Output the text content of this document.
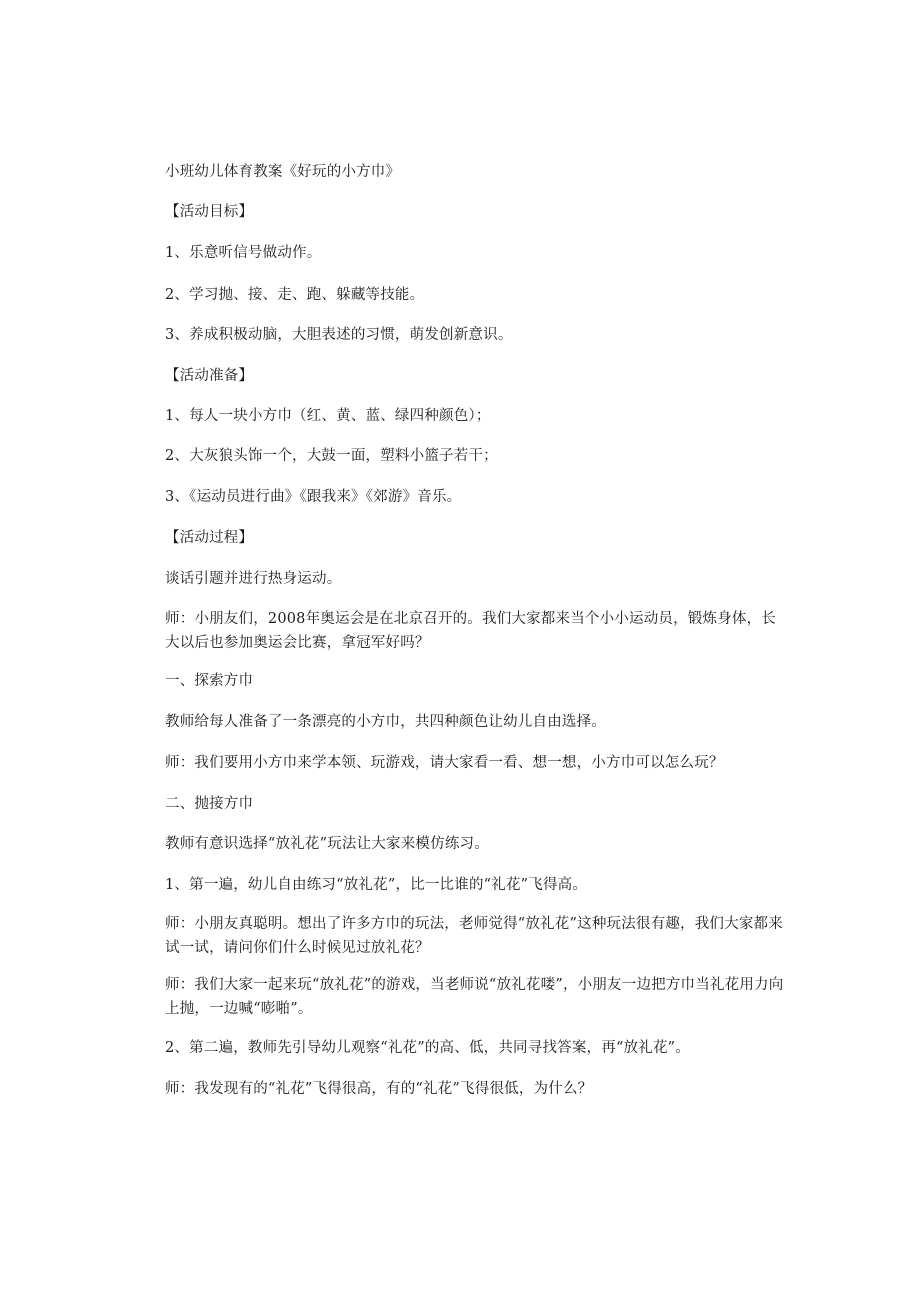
小班幼儿体育教案《好玩的小方巾》
【活动目标】
1、乐意听信号做动作。
2、学习抛、接、走、跑、躲藏等技能。
3、养成积极动脑，大胆表述的习惯，萌发创新意识。
【活动准备】
1、每人一块小方巾（红、黄、蓝、绿四种颜色）；
2、大灰狼头饰一个，大鼓一面，塑料小篮子若干；
3、《运动员进行曲》《跟我来》《郊游》音乐。
【活动过程】
谈话引题并进行热身运动。
师：小朋友们，2008年奥运会是在北京召开的。我们大家都来当个小小运动员，锻炼身体，长大以后也参加奥运会比赛，拿冠军好吗？
一、探索方巾
教师给每人准备了一条漂亮的小方巾，共四种颜色让幼儿自由选择。
师：我们要用小方巾来学本领、玩游戏，请大家看一看、想一想，小方巾可以怎么玩？
二、抛接方巾
教师有意识选择“放礼花”玩法让大家来模仿练习。
1、第一遍，幼儿自由练习“放礼花”，比一比谁的“礼花”飞得高。
师：小朋友真聪明。想出了许多方巾的玩法，老师觉得“放礼花”这种玩法很有趣，我们大家都来试一试，请问你们什么时候见过放礼花？
师：我们大家一起来玩“放礼花”的游戏，当老师说“放礼花喽”，小朋友一边把方巾当礼花用力向上抛，一边喊“嘭啪”。
2、第二遍，教师先引导幼儿观察“礼花”的高、低，共同寻找答案，再“放礼花”。
师：我发现有的“礼花”飞得很高，有的“礼花”飞得很低，为什么？
